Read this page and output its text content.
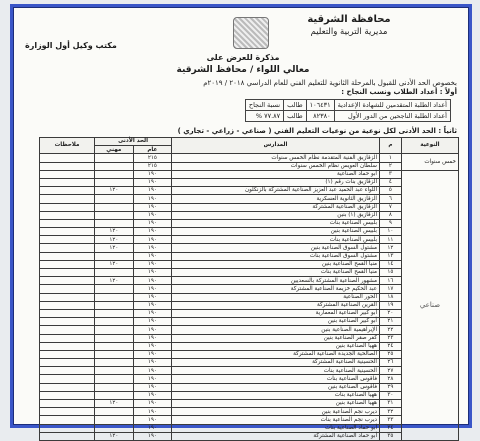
محافظة الشرقية
مديرية التربية والتعليم
مكتب وكيل أول الوزارة
مذكرة للعرض على
معالي اللواء / محافظ الشرقية
بخصوص الحد الأدنى للقبول بالمرحلة الثانوية للتعليم الفني للعام الدراسي ٢٠١٨ / ٢٠١٩م
أولاً : أعداد الطلاب ونسب النجاح :
أعداد الطلبة المتقدمين للشهادة الإعدادية	١٠٦٤٣١	طالب	نسبة النجاح
أعداد الطلبة الناجحين من الدور الأول	٨٢٣٨٠	طالب	٧٧.٨٧ %
ثانياً : الحد الأدنى لكل نوعية من نوعيات التعليم الفني ( صناعي - زراعي - تجاري )
النوعية	م	المدارس	الحد الأدنى		ملاحظات
			عام	مهني	
خمس سنوات	١	الزقازيق الفنية المتقدمة نظام الخمس سنوات	٢١٥		
	٢	سلطان العويس نظام الخمس سنوات	٢١٥		
صناعي	٣	أبو حماد الصناعية	١٩٠		
	٤	الزقازيق بنات رقم (١)	١٩٠		
	٥	اللواء عبد الحميد عبد العزيز الصناعية المشتركة بالزنكلون	١٩٠	١٢٠	
	٦	الزقازيق الثانوية العسكرية	١٩٠		
	٧	الزقازيق الصناعية المشتركة	١٩٠		
	٨	الزقازيق (١) بنين	١٩٠		
	٩	بلبيس الصناعية بنات	١٩٠		
	١٠	بلبيس الصناعية بنين	١٩٠	١٢٠	
	١١	بلبيس الصناعية بنات	١٩٠	١٢٠	
	١٢	مشتول السوق الصناعية بنين	١٩٠	١٢٠	
	١٣	مشتول السوق الصناعية بنات	١٩٠		
	١٤	منيا القمح الصناعية بنين	١٩٠	١٢٠	
	١٥	منيا القمح الصناعية بنات	١٩٠		
	١٦	مشهور الصناعية المشتركة بالسعديين	١٩٠	١٢٠	
	١٧	عبد الحكيم خزيمة الصناعية المشتركة	١٩٠		
	١٨	الحور الصناعية	١٩٠		
	١٩	القرين الصناعية المشتركة	١٩٠		
	٢٠	أبو كبير الصناعية المعمارية	١٩٠		
	٢١	أبو كبير الصناعية بنين	١٩٠		
	٢٢	الإبراهيمية الصناعية بنين	١٩٠		
	٢٣	كفر صقر الصناعية بنين	١٩٠		
	٢٤	ههيا الصناعية بنين	١٩٠		
	٢٥	الصالحية الجديدة الصناعية المشتركة	١٩٠		
	٢٦	الحسينية الصناعية المشتركة	١٩٠		
	٢٧	الحسينية الصناعية بنات	١٩٠		
	٢٨	فاقوس الصناعية بنات	١٩٠		
	٢٩	فاقوس الصناعية بنين	١٩٠		
	٣٠	ههيا الصناعية بنات	١٩٠		
	٣١	ههيا الصناعية بنين	١٩٠	١٢٠	
	٣٢	ديرب نجم الصناعية بنين	١٩٠		
	٣٣	ديرب نجم الصناعية بنات	١٩٠		
	٣٤	أبو حماد الصناعية بنات	١٩٠		
	٣٥	أبو حماد الصناعية المشتركة	١٩٠	١٢٠	
